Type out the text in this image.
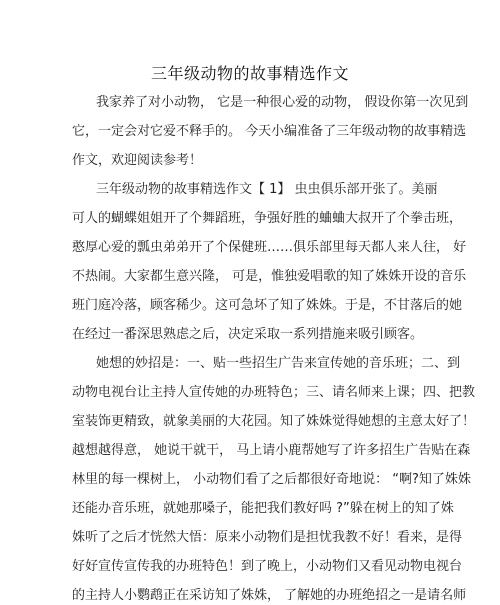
三年级动物的故事精选作文
我家养了对小动物， 它是一种很心爱的动物， 假设你第一次见到
它，一定会对它爱不释手的。 今天小编准备了三年级动物的故事精选
作文，欢迎阅读参考！
三年级动物的故事精选作文【 1】 虫虫俱乐部开张了。美丽
可人的蝴蝶姐姐开了个舞蹈班，争强好胜的蛐蛐大叔开了个拳击班，
憨厚心爱的瓢虫弟弟开了个保健班……俱乐部里每天都人来人往， 好
不热闹。大家都生意兴隆， 可是，惟独爱唱歌的知了姝姝开设的音乐
班门庭冷落，顾客稀少。这可急坏了知了姝姝。于是，不甘落后的她
在经过一番深思熟虑之后，决定采取一系列措施来吸引顾客。
她想的妙招是：一、贴一些招生广告来宣传她的音乐班；二、到
动物电视台让主持人宣传她的办班特色；三、请名师来上课；四、把教
室装饰更精致，就象美丽的大花园。知了姝姝觉得她想的主意太好了！
越想越得意， 她说干就干， 马上请小鹿帮她写了许多招生广告贴在森
林里的每一棵树上， 小动物们看了之后都很好奇地说： “啊?知了姝姝
还能办音乐班，就她那嗓子，能把我们教好吗 ?”躲在树上的知了姝
姝听了之后才恍然大悟：原来小动物们是担忧我教不好！看来，是得
好好宣传宣传我的办班特色！到了晚上，小动物们又看见动物电视台
的主持人小鹦鹉正在采访知了姝姝， 了解她的办班绝招之一是请名师
